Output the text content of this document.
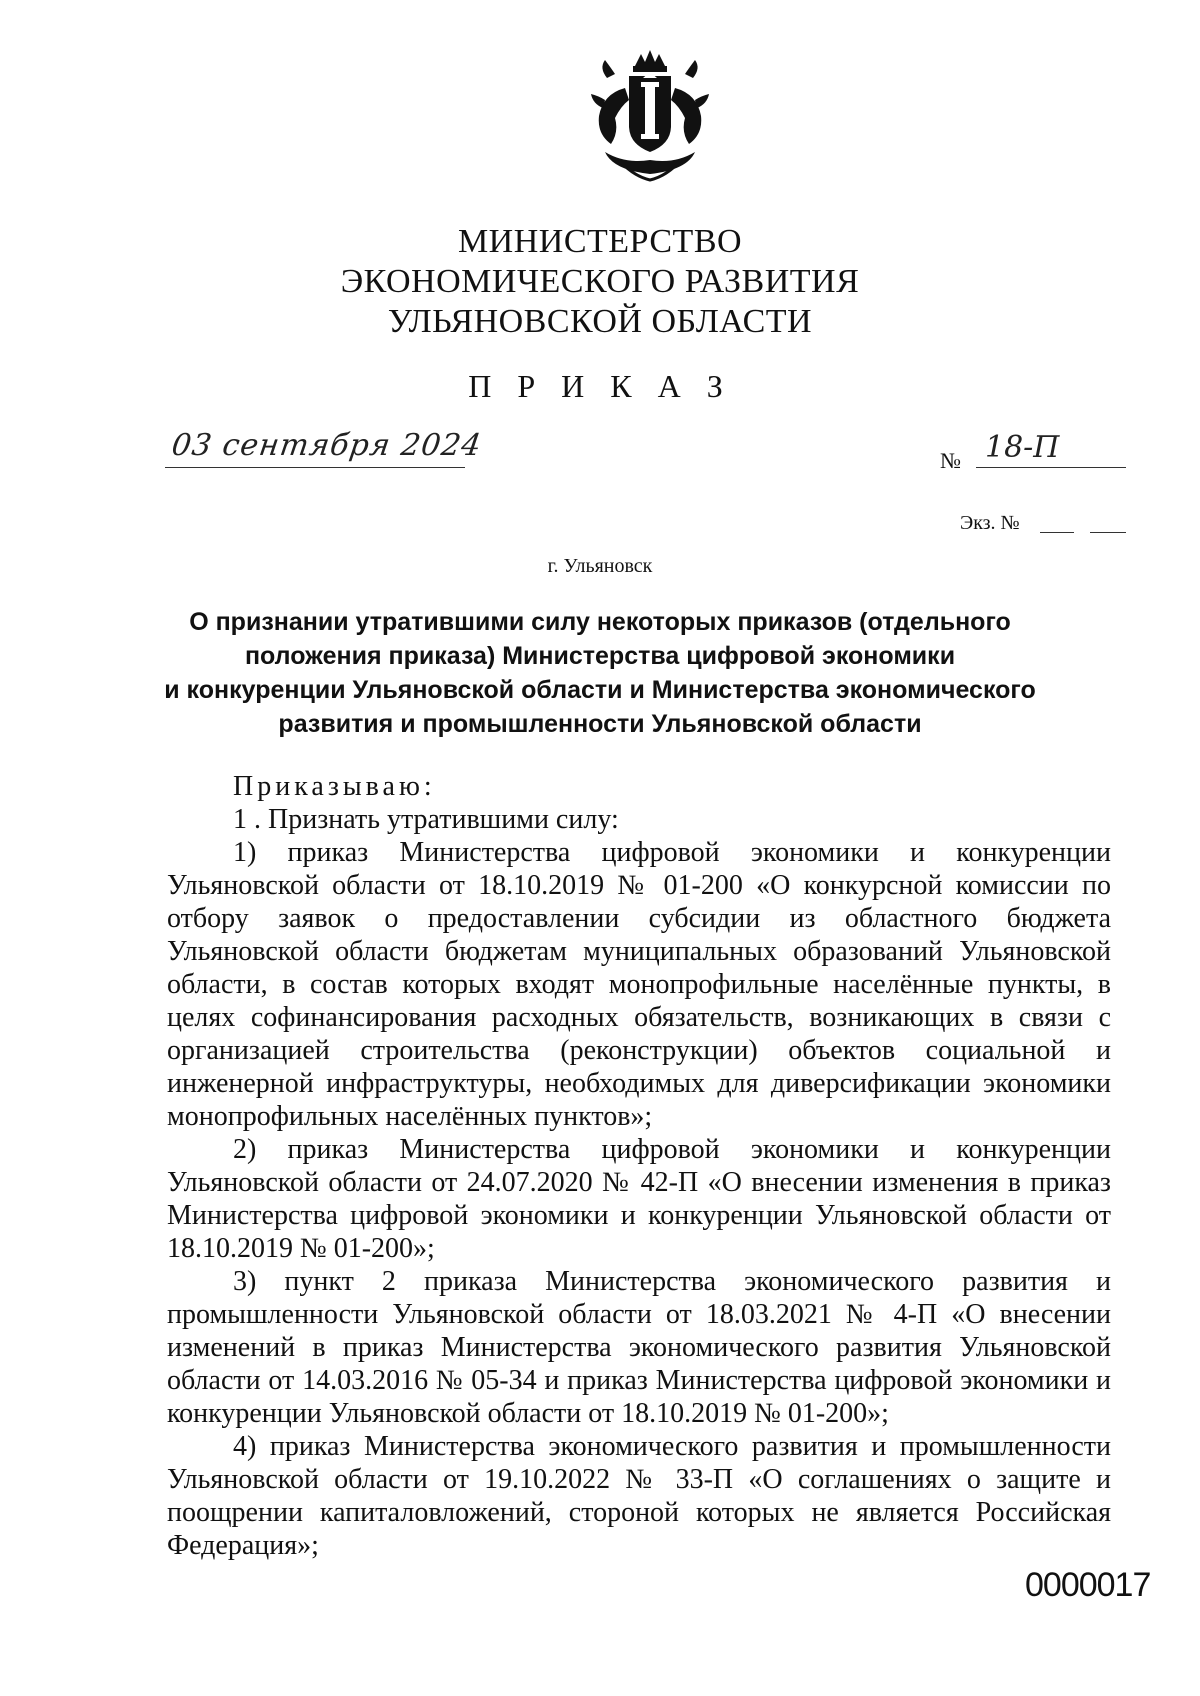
МИНИСТЕРСТВО
ЭКОНОМИЧЕСКОГО РАЗВИТИЯ
УЛЬЯНОВСКОЙ ОБЛАСТИ
П Р И К А З
03 сентября 2024	№ 18-П
Экз. №
г. Ульяновск
О признании утратившими силу некоторых приказов (отдельного
положения приказа) Министерства цифровой экономики
и конкуренции Ульяновской области и Министерства экономического
развития и промышленности Ульяновской области
Приказываю:
1 . Признать утратившими силу:

1) приказ Министерства цифровой экономики и конкуренции Ульяновской области от 18.10.2019 № 01-200 «О конкурсной комиссии по отбору заявок о предоставлении субсидии из областного бюджета Ульяновской области бюджетам муниципальных образований Ульяновской области, в состав которых входят монопрофильные населённые пункты, в целях софинансирования расходных обязательств, возникающих в связи с организацией строительства (реконструкции) объектов социальной и инженерной инфраструктуры, необходимых для диверсификации экономики монопрофильных населённых пунктов»;

2) приказ Министерства цифровой экономики и конкуренции Ульяновской области от 24.07.2020 № 42-П «О внесении изменения в приказ Министерства цифровой экономики и конкуренции Ульяновской области от 18.10.2019 № 01-200»;

3) пункт 2 приказа Министерства экономического развития и промышленности Ульяновской области от 18.03.2021 № 4-П «О внесении изменений в приказ Министерства экономического развития Ульяновской области от 14.03.2016 № 05-34 и приказ Министерства цифровой экономики и конкуренции Ульяновской области от 18.10.2019 № 01-200»;

4) приказ Министерства экономического развития и промышленности Ульяновской области от 19.10.2022 № 33-П «О соглашениях о защите и поощрении капиталовложений, стороной которых не является Российская Федерация»;

0000017
